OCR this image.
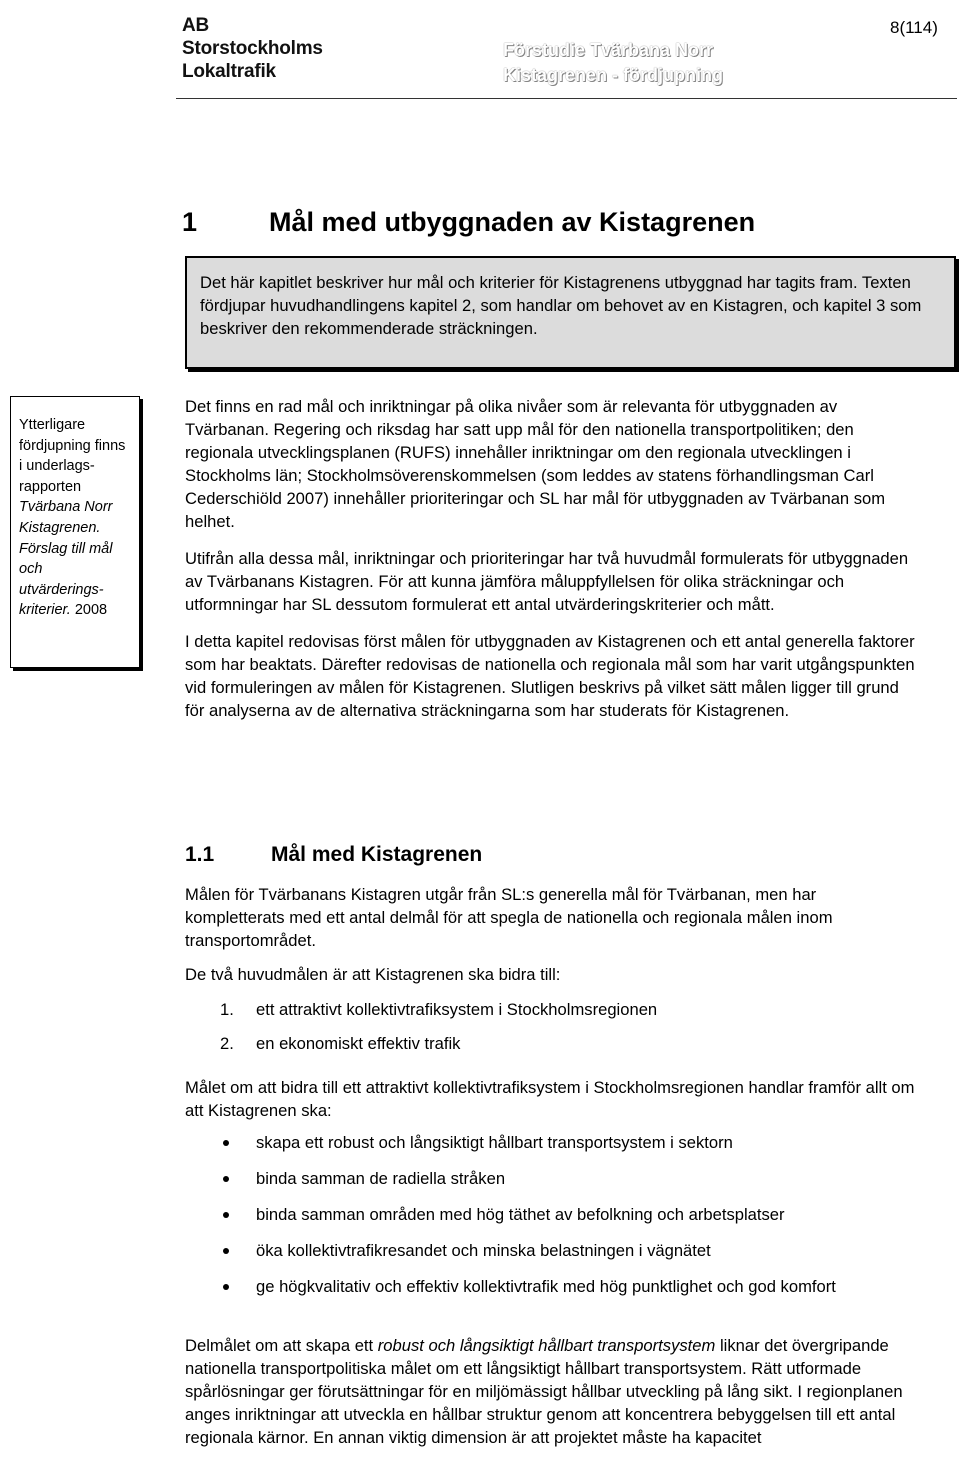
AB
Storstockholms
Lokaltrafik
Förstudie Tvärbana Norr
Kistagrenen - fördjupning
8(114)
1	Mål med utbyggnaden av Kistagrenen
Det här kapitlet beskriver hur mål och kriterier för Kistagrenens utbyggnad har tagits fram. Texten fördjupar huvudhandlingens kapitel 2, som handlar om behovet av en Kistagren, och kapitel 3 som beskriver den rekommenderade sträckningen.
Ytterligare fördjupning finns i underlags-rapporten Tvärbana Norr Kistagrenen. Förslag till mål och utvärderings-kriterier. 2008

Det finns en rad mål och inriktningar på olika nivåer som är relevanta för utbyggnaden av Tvärbanan. Regering och riksdag har satt upp mål för den nationella transportpolitiken; den regionala utvecklingsplanen (RUFS) innehåller inriktningar om den regionala utvecklingen i Stockholms län; Stockholmsöverenskommelsen (som leddes av statens förhandlingsman Carl Cederschiöld 2007) innehåller prioriteringar och SL har mål för utbyggnaden av Tvärbanan som helhet.

Utifrån alla dessa mål, inriktningar och prioriteringar har två huvudmål formulerats för utbyggnaden av Tvärbanans Kistagren. För att kunna jämföra måluppfyllelsen för olika sträckningar och utformningar har SL dessutom formulerat ett antal utvärderingskriterier och mått.

I detta kapitel redovisas först målen för utbyggnaden av Kistagrenen och ett antal generella faktorer som har beaktats. Därefter redovisas de nationella och regionala mål som har varit utgångspunkten vid formuleringen av målen för Kistagrenen. Slutligen beskrivs på vilket sätt målen ligger till grund för analyserna av de alternativa sträckningarna som har studerats för Kistagrenen.

1.1	Mål med Kistagrenen
Målen för Tvärbanans Kistagren utgår från SL:s generella mål för Tvärbanan, men har kompletterats med ett antal delmål för att spegla de nationella och regionala målen inom transportområdet.
De två huvudmålen är att Kistagrenen ska bidra till:
1. ett attraktivt kollektivtrafiksystem i Stockholmsregionen
2. en ekonomiskt effektiv trafik
Målet om att bidra till ett attraktivt kollektivtrafiksystem i Stockholmsregionen handlar framför allt om att Kistagrenen ska:
skapa ett robust och långsiktigt hållbart transportsystem i sektorn
binda samman de radiella stråken
binda samman områden med hög täthet av befolkning och arbetsplatser
öka kollektivtrafikresandet och minska belastningen i vägnätet
ge högkvalitativ och effektiv kollektivtrafik med hög punktlighet och god komfort
Delmålet om att skapa ett robust och långsiktigt hållbart transportsystem liknar det övergripande nationella transportpolitiska målet om ett långsiktigt hållbart transportsystem. Rätt utformade spårlösningar ger förutsättningar för en miljömässigt hållbar utveckling på lång sikt. I regionplanen anges inriktningar att utveckla en hållbar struktur genom att koncentrera bebyggelsen till ett antal regionala kärnor. En annan viktig dimension är att projektet måste ha kapacitet
